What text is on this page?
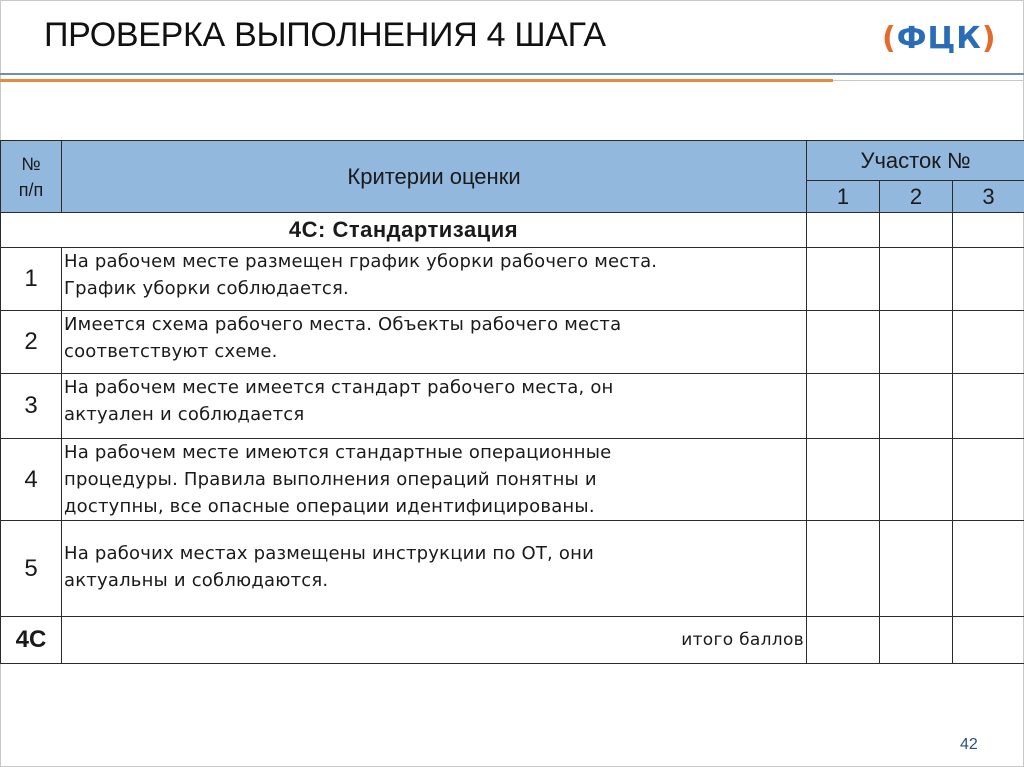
ПРОВЕРКА ВЫПОЛНЕНИЯ 4 ШАГА	(ФЦК)
№
п/п	Критерии оценки	Участок №		
		1	2	3
4С: Стандартизация				
1	На рабочем месте размещен график уборки рабочего места.
График уборки соблюдается.			

2	Имеется схема рабочего места. Объекты рабочего места
соответствуют схеме.			

3	На рабочем месте имеется стандарт рабочего места, он
актуален и соблюдается			

4	На рабочем месте имеются стандартные операционные
процедуры. Правила выполнения операций понятны и
доступны, все опасные операции идентифицированы.			

5	На рабочих местах размещены инструкции по ОТ, они
актуальны и соблюдаются.			

4С	итого баллов			
42
